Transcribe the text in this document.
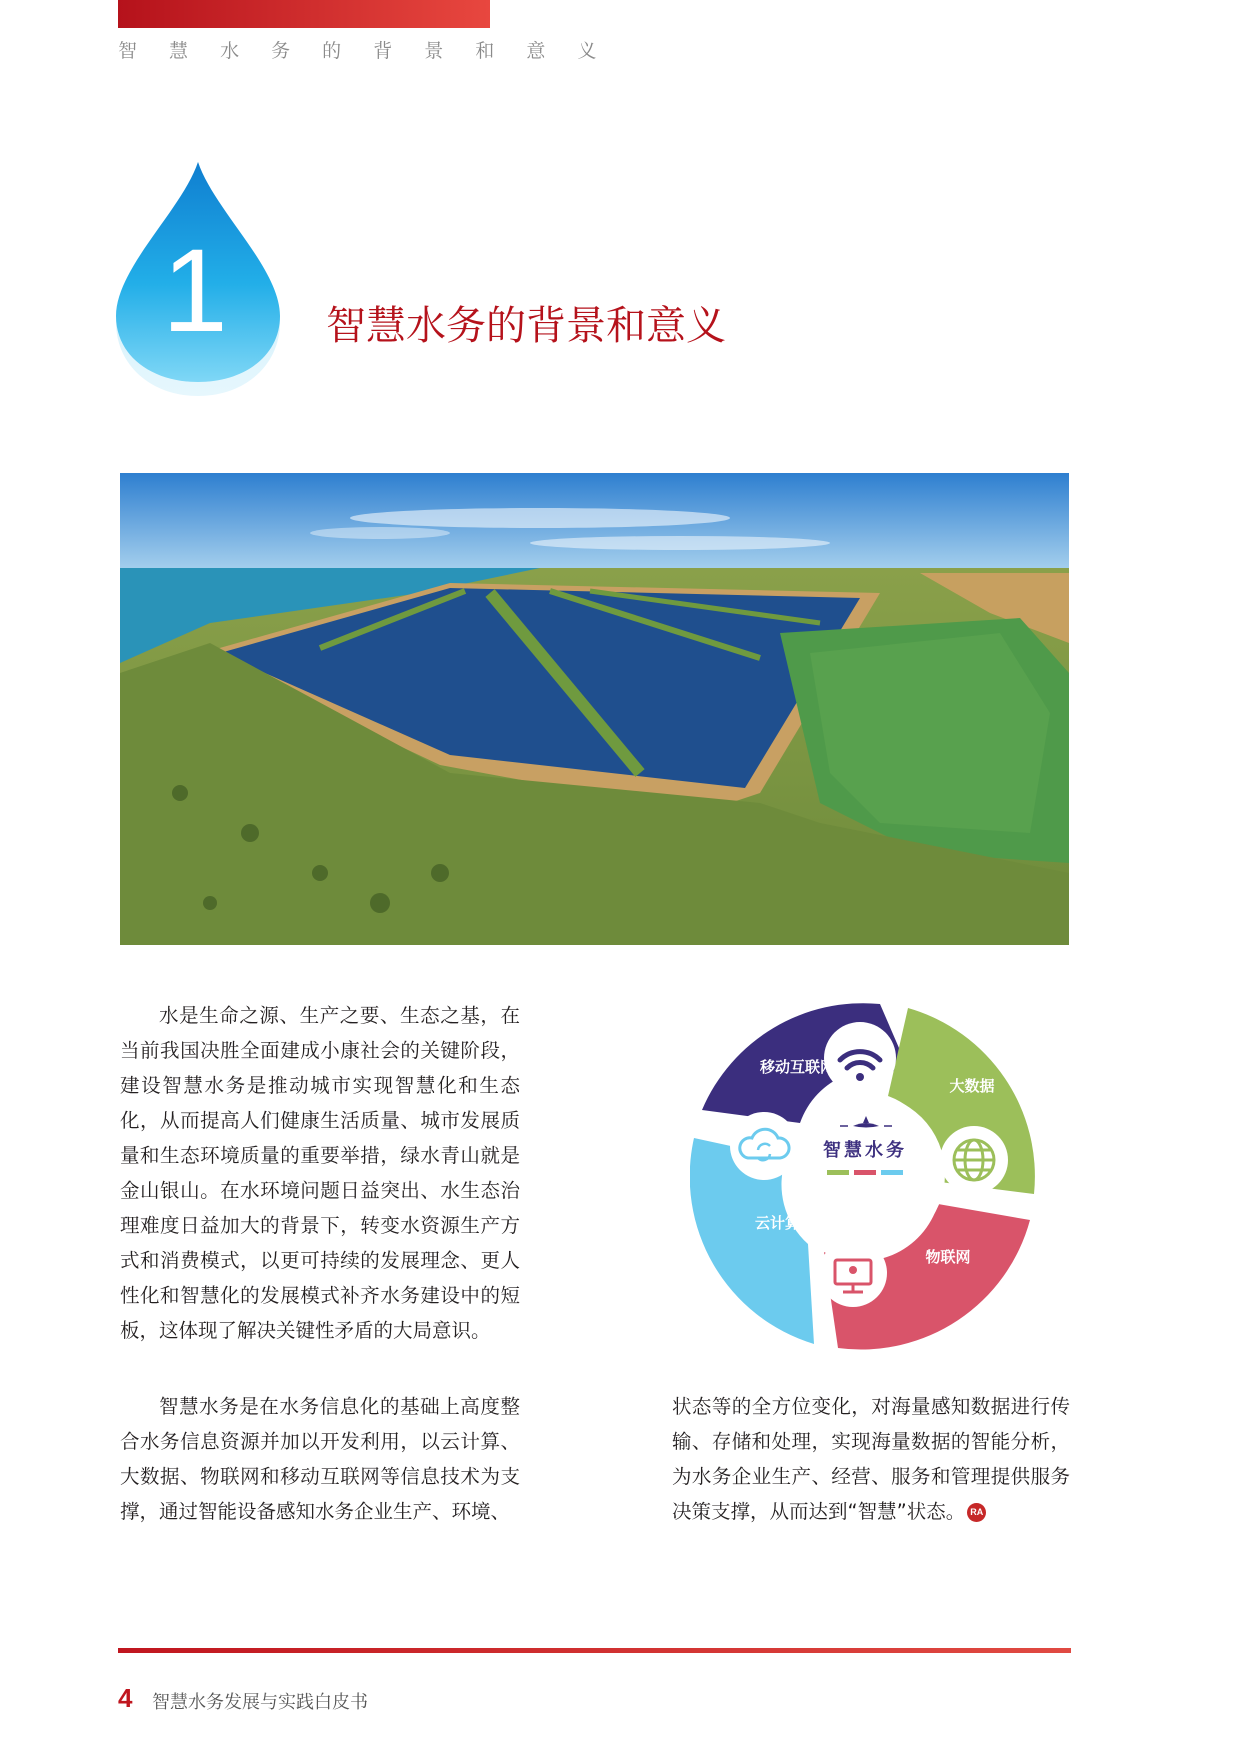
智 慧 水 务 的 背 景 和 意 义
1	智慧水务的背景和意义

水是生命之源、生产之要、生态之基，在当前我国决胜全面建成小康社会的关键阶段，建设智慧水务是推动城市实现智慧化和生态化，从而提高人们健康生活质量、城市发展质量和生态环境质量的重要举措，绿水青山就是金山银山。在水环境问题日益突出、水生态治理难度日益加大的背景下，转变水资源生产方式和消费模式，以更可持续的发展理念、更人性化和智慧化的发展模式补齐水务建设中的短板，这体现了解决关键性矛盾的大局意识。

智慧水务
移动互联网
大数据
物联网
云计算

智慧水务是在水务信息化的基础上高度整合水务信息资源并加以开发利用，以云计算、大数据、物联网和移动互联网等信息技术为支撑，通过智能设备感知水务企业生产、环境、

状态等的全方位变化，对海量感知数据进行传输、存储和处理，实现海量数据的智能分析，为水务企业生产、经营、服务和管理提供服务决策支撑，从而达到“智慧”状态。 RA

4 智慧水务发展与实践白皮书
